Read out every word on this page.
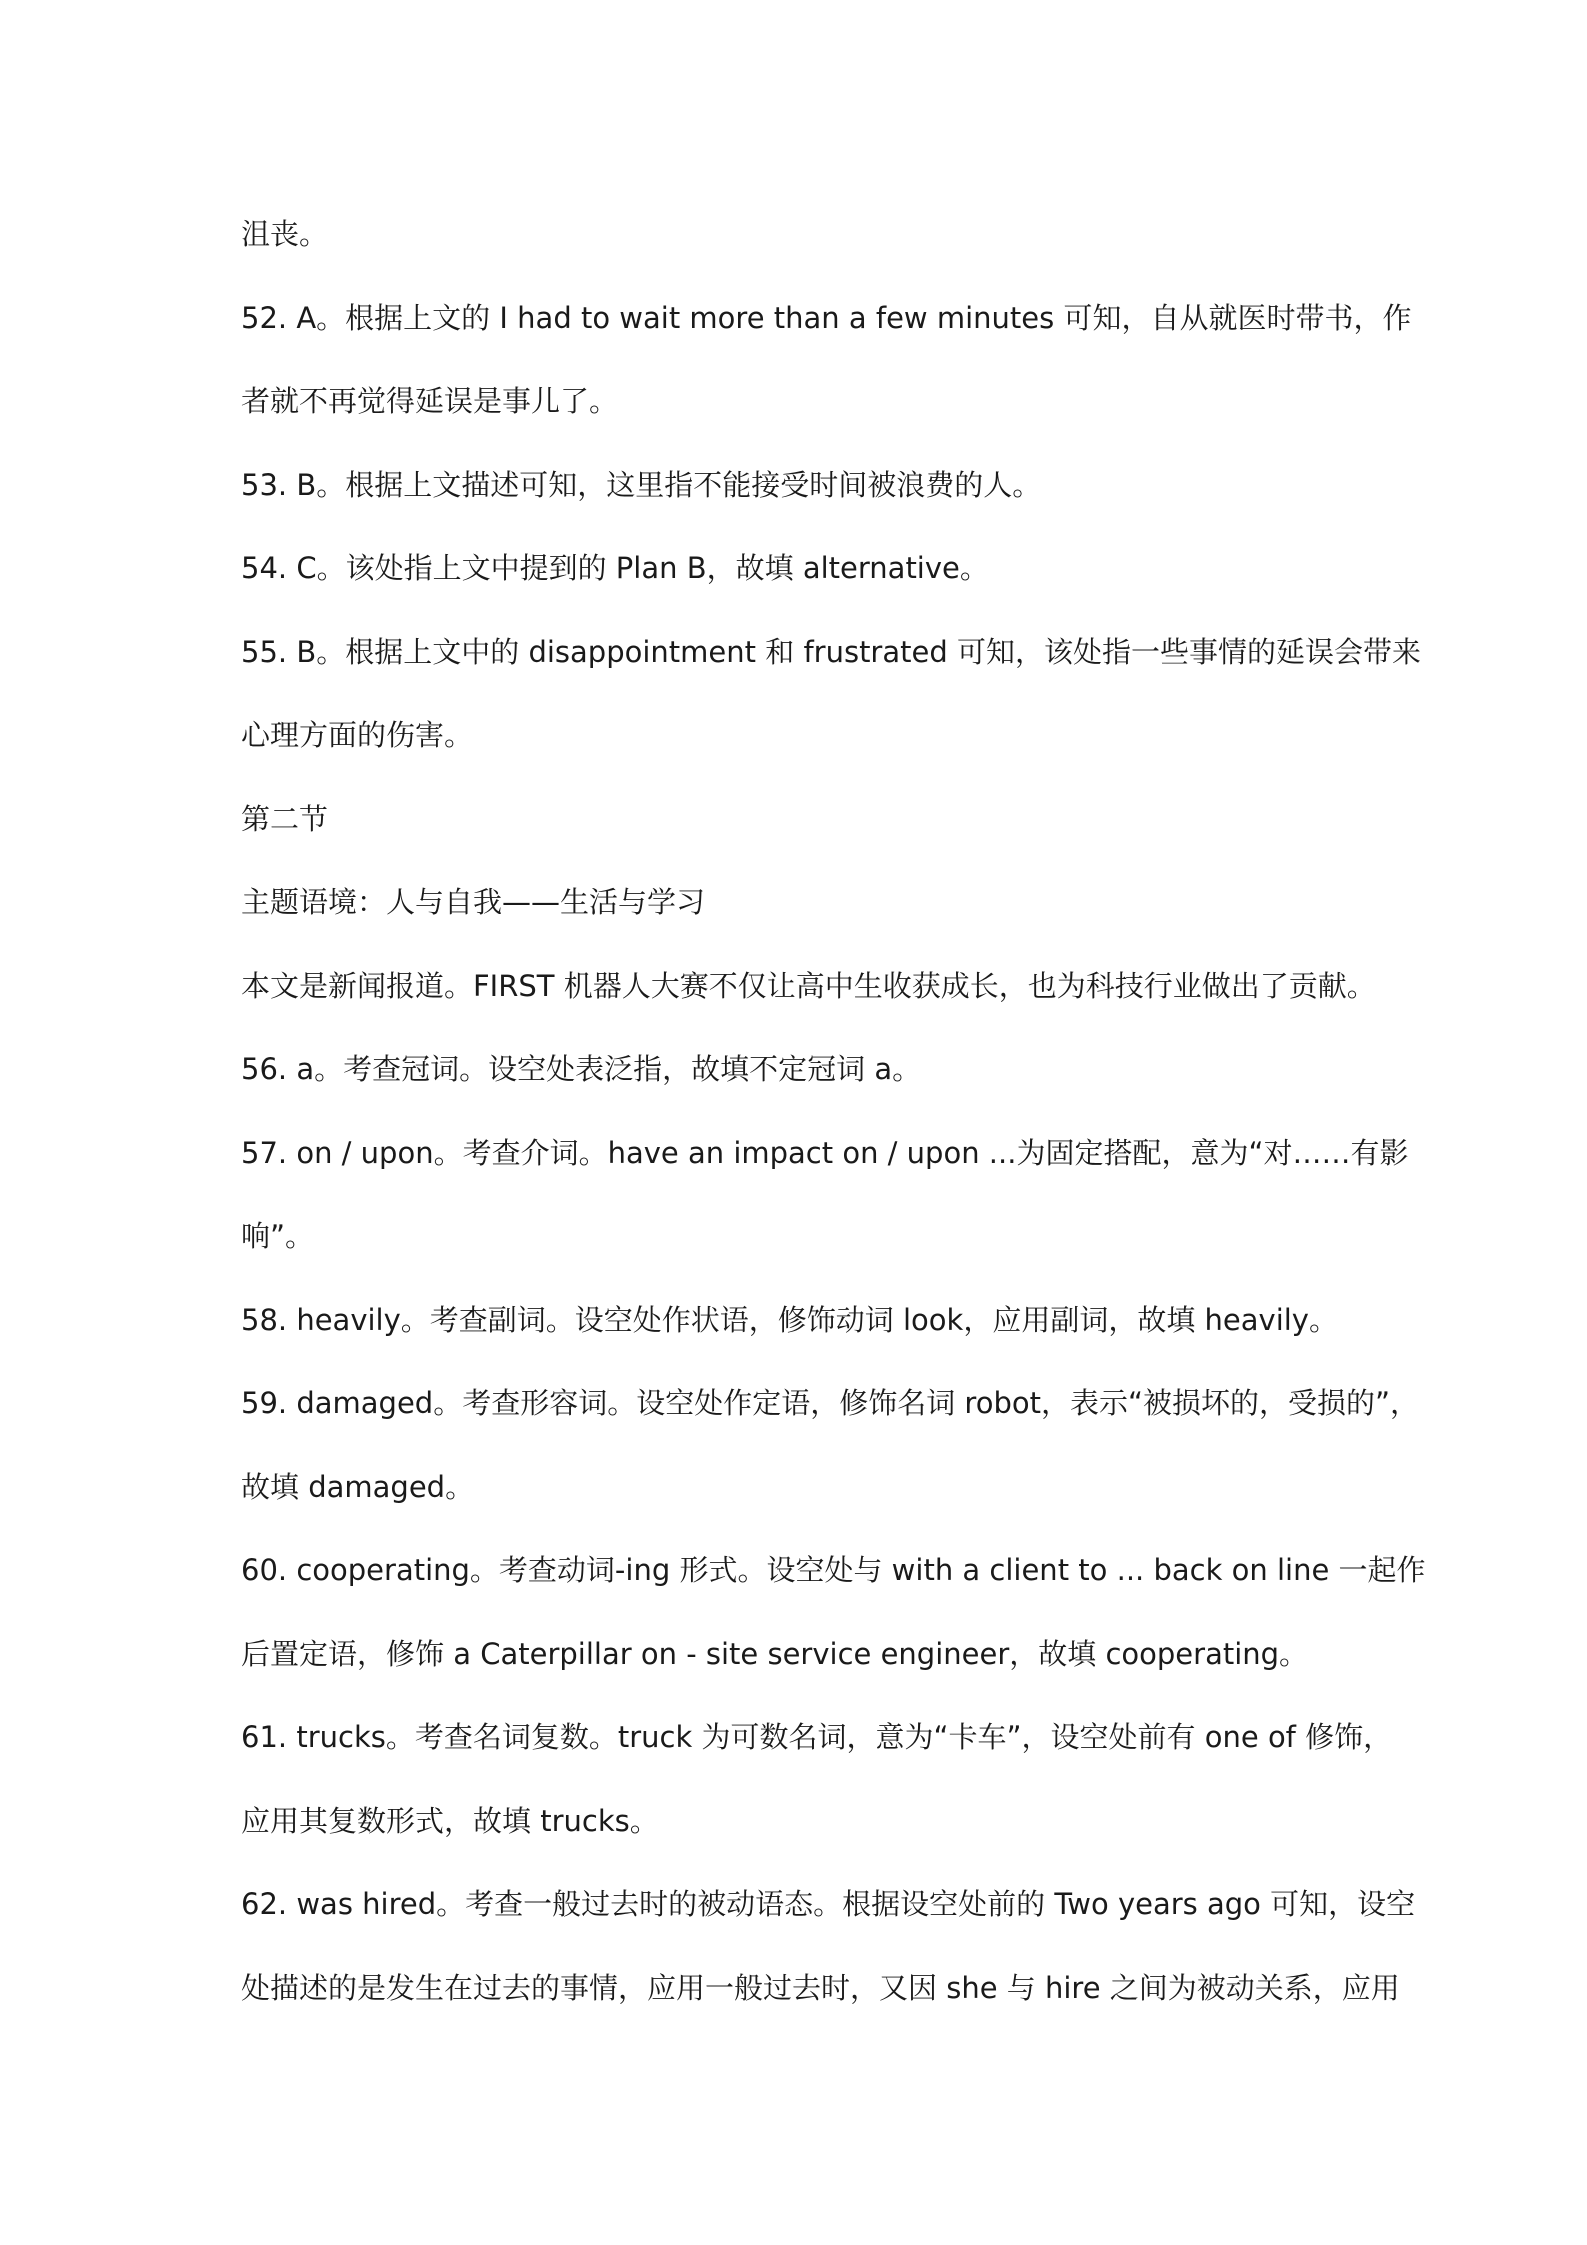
沮丧。

52. A。根据上文的 I had to wait more than a few minutes 可知，自从就医时带书，作

者就不再觉得延误是事儿了。

53. B。根据上文描述可知，这里指不能接受时间被浪费的人。

54. C。该处指上文中提到的 Plan B，故填 alternative。

55. B。根据上文中的 disappointment 和 frustrated 可知，该处指一些事情的延误会带来

心理方面的伤害。

第二节

主题语境：人与自我——生活与学习

本文是新闻报道。FIRST 机器人大赛不仅让高中生收获成长，也为科技行业做出了贡献。

56. a。考查冠词。设空处表泛指，故填不定冠词 a。

57. on / upon。考查介词。have an impact on / upon ...为固定搭配，意为“对……有影

响”。

58. heavily。考查副词。设空处作状语，修饰动词 look，应用副词，故填 heavily。

59. damaged。考查形容词。设空处作定语，修饰名词 robot，表示“被损坏的，受损的”，

故填 damaged。

60. cooperating。考查动词-ing 形式。设空处与 with a client to ... back on line 一起作

后置定语，修饰 a Caterpillar on - site service engineer，故填 cooperating。

61. trucks。考查名词复数。truck 为可数名词，意为“卡车”，设空处前有 one of 修饰，

应用其复数形式，故填 trucks。

62. was hired。考查一般过去时的被动语态。根据设空处前的 Two years ago 可知，设空

处描述的是发生在过去的事情，应用一般过去时，又因 she 与 hire 之间为被动关系，应用
